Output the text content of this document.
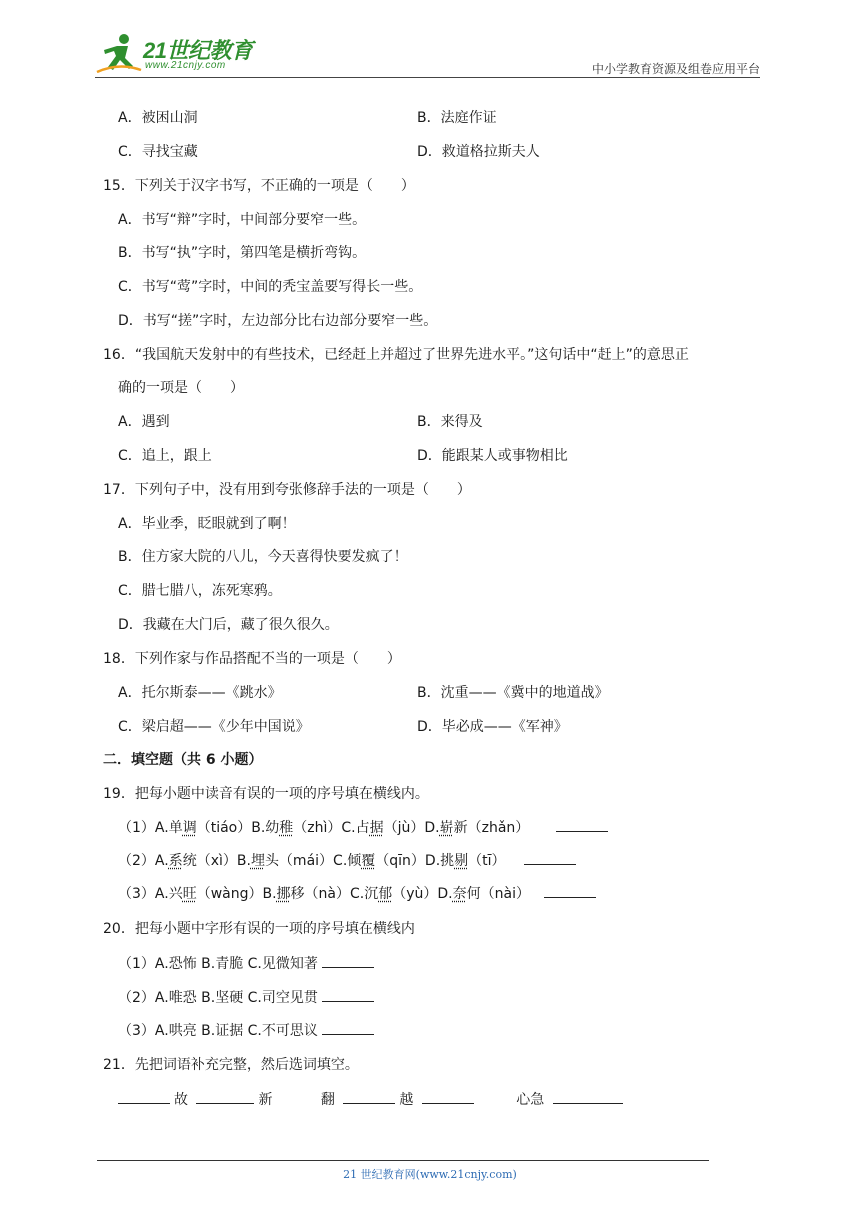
21世纪教育
www.21cnjy.com	中小学教育资源及组卷应用平台
A．被困山洞	B．法庭作证
C．寻找宝藏	D．救道格拉斯夫人
15．下列关于汉字书写，不正确的一项是（　　）
A．书写“辩”字时，中间部分要窄一些。
B．书写“执”字时，第四笔是横折弯钩。
C．书写“莺”字时，中间的秃宝盖要写得长一些。
D．书写“搓”字时，左边部分比右边部分要窄一些。
16．“我国航天发射中的有些技术，已经赶上并超过了世界先进水平。”这句话中“赶上”的意思正
确的一项是（　　）
A．遇到	B．来得及
C．追上，跟上	D．能跟某人或事物相比
17．下列句子中，没有用到夸张修辞手法的一项是（　　）
A．毕业季，眨眼就到了啊！
B．住方家大院的八儿，今天喜得快要发疯了！
C．腊七腊八，冻死寒鸦。
D．我藏在大门后，藏了很久很久。
18．下列作家与作品搭配不当的一项是（　　）
A．托尔斯泰——《跳水》	B．沈重——《冀中的地道战》
C．梁启超——《少年中国说》	D．毕必成——《军神》
二．填空题（共 6 小题）
19．把每小题中读音有误的一项的序号填在横线内。
（1）A.单调（tiáo）B.幼稚（zhì）C.占据（jù）D.崭新（zhǎn）
（2）A.系统（xì）B.埋头（mái）C.倾覆（qīn）D.挑剔（tī）
（3）A.兴旺（wàng）B.挪移（nà）C.沉郁（yù）D.奈何（nài）
20．把每小题中字形有误的一项的序号填在横线内
（1）A.恐怖 B.青脆 C.见微知著
（2）A.唯恐 B.坚硬 C.司空见贯
（3）A.哄亮 B.证据 C.不可思议
21．先把词语补充完整，然后选词填空。
故	新	翻	越	心急
21 世纪教育网(www.21cnjy.com)
